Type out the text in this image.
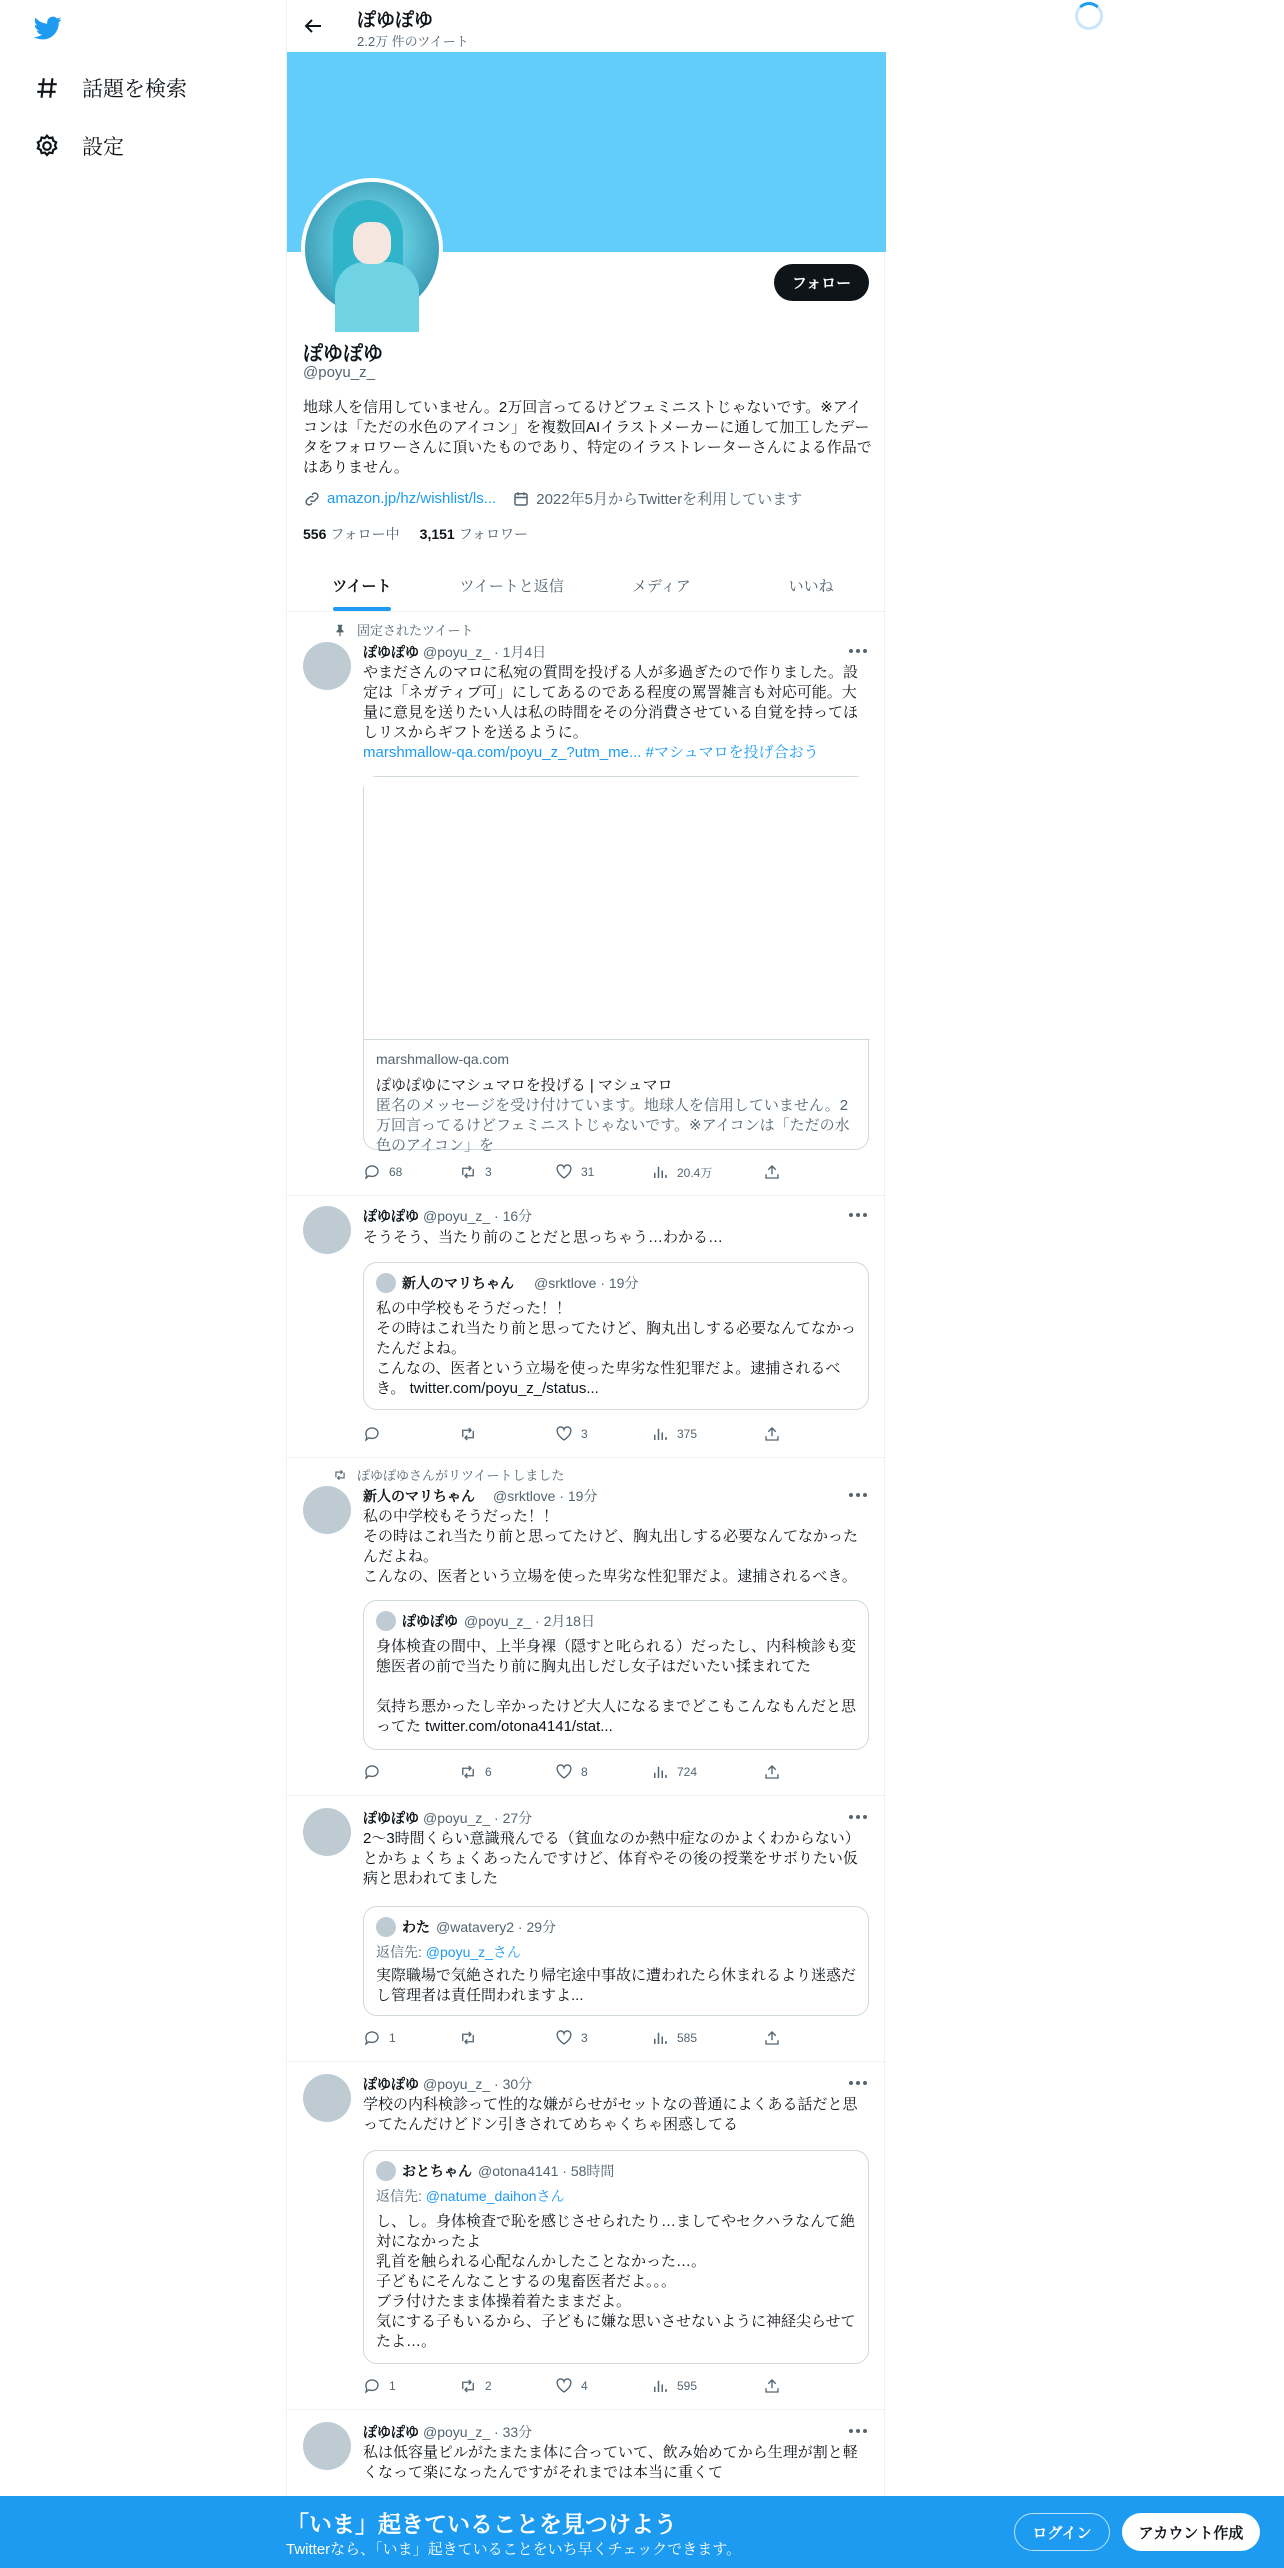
話題を検索
設定
ぽゆぽゆ
2.2万 件のツイート
フォロー
ぽゆぽゆ
@poyu_z_
地球人を信用していません。2万回言ってるけどフェミニストじゃないです。※アイコンは「ただの水色のアイコン」を複数回AIイラストメーカーに通して加工したデータをフォロワーさんに頂いたものであり、特定のイラストレーターさんによる作品ではありません。
amazon.jp/hz/wishlist/ls...	2022年5月からTwitterを利用しています
556 フォロー中 3,151 フォロワー
ツイート	ツイートと返信	メディア	いいね
固定されたツイート
ぽゆぽゆ @poyu_z_ · 1月4日
やまださんのマロに私宛の質問を投げる人が多過ぎたので作りました。設定は「ネガティブ可」にしてあるのである程度の罵詈雑言も対応可能。大量に意見を送りたい人は私の時間をその分消費させている自覚を持ってほしリスからギフトを送るように。
marshmallow-qa.com/poyu_z_?utm_me... #マシュマロを投げ合おう
marshmallow-qa.com
ぽゆぽゆにマシュマロを投げる | マシュマロ
匿名のメッセージを受け付けています。地球人を信用していません。2万回言ってるけどフェミニストじゃないです。※アイコンは「ただの水色のアイコン」を
68	3	31	20.4万
ぽゆぽゆ @poyu_z_ · 16分
そうそう、当たり前のことだと思っちゃう…わかる…
新人のマリちゃん @srktlove · 19分
私の中学校もそうだった！！
その時はこれ当たり前と思ってたけど、胸丸出しする必要なんてなかったんだよね。
こんなの、医者という立場を使った卑劣な性犯罪だよ。逮捕されるべき。 twitter.com/poyu_z_/status...
3	375
ぽゆぽゆさんがリツイートしました
新人のマリちゃん @srktlove · 19分
私の中学校もそうだった！！
その時はこれ当たり前と思ってたけど、胸丸出しする必要なんてなかったんだよね。
こんなの、医者という立場を使った卑劣な性犯罪だよ。逮捕されるべき。
ぽゆぽゆ @poyu_z_ · 2月18日
身体検査の間中、上半身裸（隠すと叱られる）だったし、内科検診も変態医者の前で当たり前に胸丸出しだし女子はだいたい揉まれてた

気持ち悪かったし辛かったけど大人になるまでどこもこんなもんだと思ってた twitter.com/otona4141/stat...
6	8	724
ぽゆぽゆ @poyu_z_ · 27分
2〜3時間くらい意識飛んでる（貧血なのか熱中症なのかよくわからない）とかちょくちょくあったんですけど、体育やその後の授業をサボりたい仮病と思われてました
わた @watavery2 · 29分
返信先: @poyu_z_さん
実際職場で気絶されたり帰宅途中事故に遭われたら休まれるより迷惑だし管理者は責任問われますよ...
1	3	585
ぽゆぽゆ @poyu_z_ · 30分
学校の内科検診って性的な嫌がらせがセットなの普通によくある話だと思ってたんだけどドン引きされてめちゃくちゃ困惑してる
おとちゃん @otona4141 · 58時間
返信先: @natume_daihonさん
し、し。身体検査で恥を感じさせられたり…ましてやセクハラなんて絶対になかったよ
乳首を触られる心配なんかしたことなかった…。
子どもにそんなことするの鬼畜医者だよ。。。
ブラ付けたまま体操着着たままだよ。
気にする子もいるから、子どもに嫌な思いさせないように神経尖らせてたよ…。
1	2	4	595
ぽゆぽゆ @poyu_z_ · 33分
私は低容量ピルがたまたま体に合っていて、飲み始めてから生理が割と軽くなって楽になったんですがそれまでは本当に重くて
「いま」起きていることを見つけよう
Twitterなら、「いま」起きていることをいち早くチェックできます。
ログイン	アカウント作成
